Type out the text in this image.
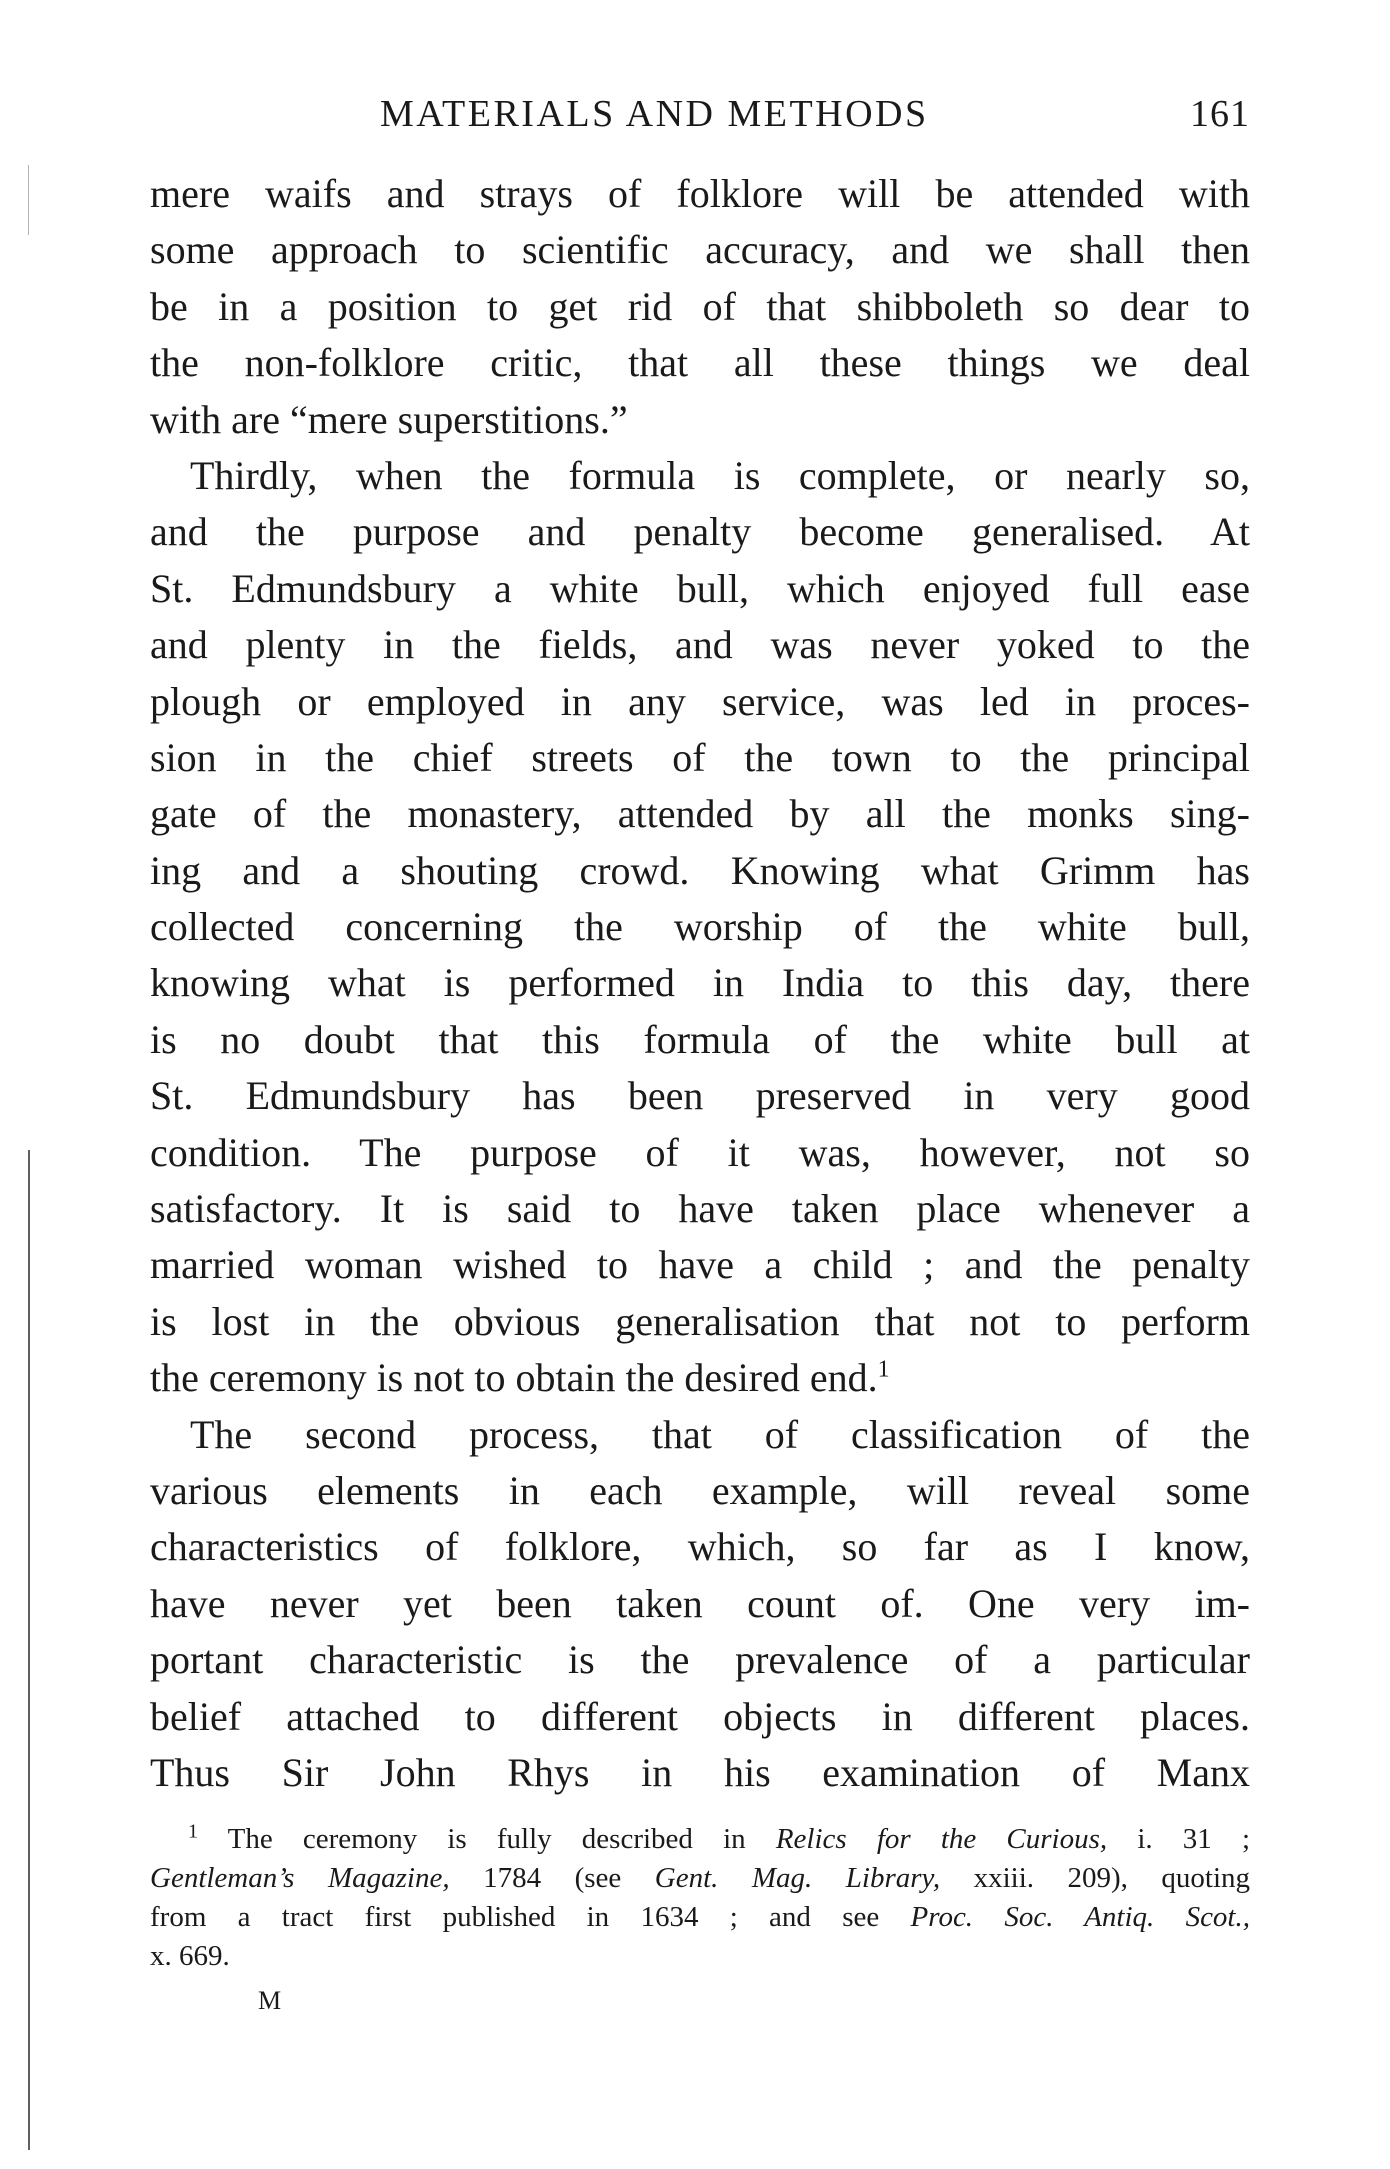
MATERIALS AND METHODS	161
mere waifs and strays of folklore will be attended with
some approach to scientific accuracy, and we shall then
be in a position to get rid of that shibboleth so dear to
the non-folklore critic, that all these things we deal
with are “mere superstitions.”
Thirdly, when the formula is complete, or nearly so,
and the purpose and penalty become generalised. At
St. Edmundsbury a white bull, which enjoyed full ease
and plenty in the fields, and was never yoked to the
plough or employed in any service, was led in proces-
sion in the chief streets of the town to the principal
gate of the monastery, attended by all the monks sing-
ing and a shouting crowd. Knowing what Grimm has
collected concerning the worship of the white bull,
knowing what is performed in India to this day, there
is no doubt that this formula of the white bull at
St. Edmundsbury has been preserved in very good
condition. The purpose of it was, however, not so
satisfactory. It is said to have taken place whenever a
married woman wished to have a child ; and the penalty
is lost in the obvious generalisation that not to perform
the ceremony is not to obtain the desired end.$^1$
The second process, that of classification of the
various elements in each example, will reveal some
characteristics of folklore, which, so far as I know,
have never yet been taken count of. One very im-
portant characteristic is the prevalence of a particular
belief attached to different objects in different places.
Thus Sir John Rhys in his examination of Manx
$^1$ The ceremony is fully described in Relics for the Curious, i. 31 ;
Gentleman’s Magazine, 1784 (see Gent. Mag. Library, xxiii. 209), quoting
from a tract first published in 1634 ; and see Proc. Soc. Antiq. Scot.,
x. 669.
M
